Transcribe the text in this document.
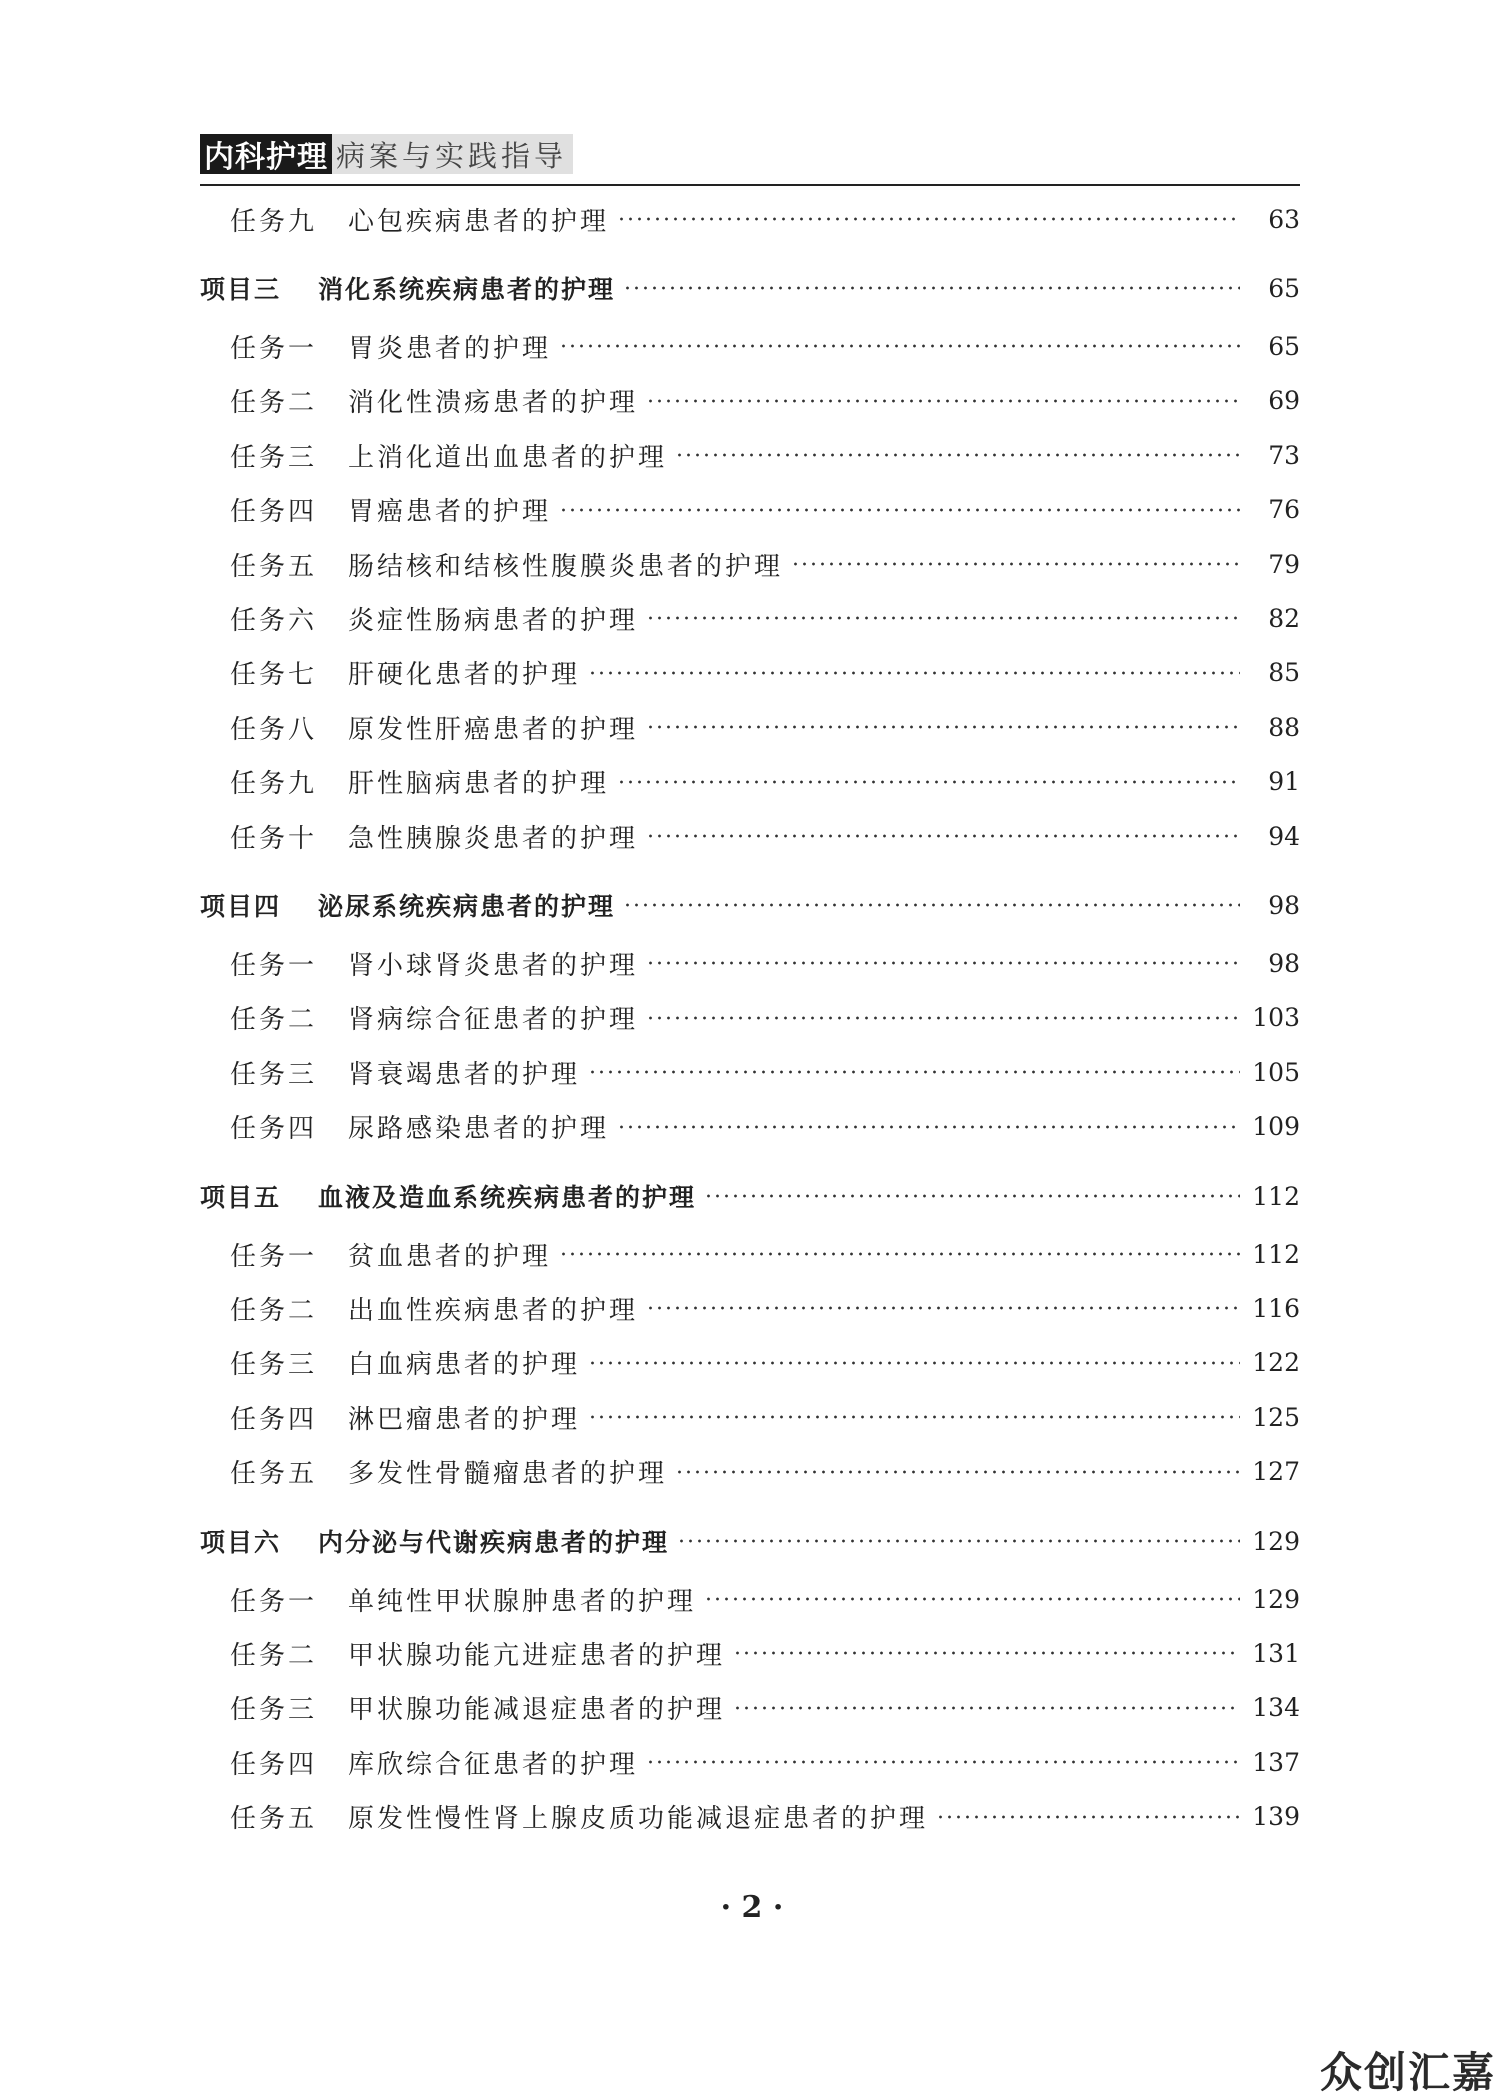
内科护理 病案与实践指导
任务九 心包疾病患者的护理	63
项目三 消化系统疾病患者的护理	65
任务一 胃炎患者的护理	65
任务二 消化性溃疡患者的护理	69
任务三 上消化道出血患者的护理	73
任务四 胃癌患者的护理	76
任务五 肠结核和结核性腹膜炎患者的护理	79
任务六 炎症性肠病患者的护理	82
任务七 肝硬化患者的护理	85
任务八 原发性肝癌患者的护理	88
任务九 肝性脑病患者的护理	91
任务十 急性胰腺炎患者的护理	94
项目四 泌尿系统疾病患者的护理	98
任务一 肾小球肾炎患者的护理	98
任务二 肾病综合征患者的护理	103
任务三 肾衰竭患者的护理	105
任务四 尿路感染患者的护理	109
项目五 血液及造血系统疾病患者的护理	112
任务一 贫血患者的护理	112
任务二 出血性疾病患者的护理	116
任务三 白血病患者的护理	122
任务四 淋巴瘤患者的护理	125
任务五 多发性骨髓瘤患者的护理	127
项目六 内分泌与代谢疾病患者的护理	129
任务一 单纯性甲状腺肿患者的护理	129
任务二 甲状腺功能亢进症患者的护理	131
任务三 甲状腺功能减退症患者的护理	134
任务四 库欣综合征患者的护理	137
任务五 原发性慢性肾上腺皮质功能减退症患者的护理	139
· 2 ·
众创汇嘉
